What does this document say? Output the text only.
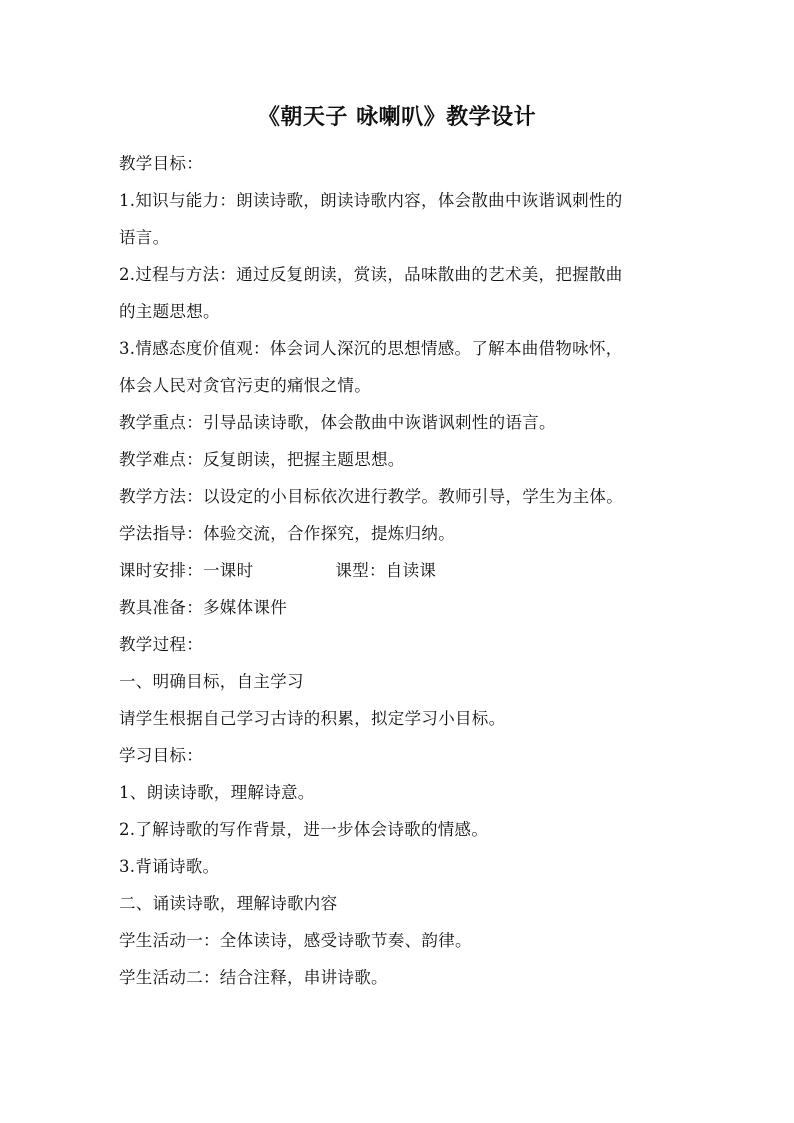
《朝天子 咏喇叭》教学设计
教学目标：
1.知识与能力：朗读诗歌，朗读诗歌内容，体会散曲中诙谐讽刺性的
语言。
2.过程与方法：通过反复朗读，赏读，品味散曲的艺术美，把握散曲
的主题思想。
3.情感态度价值观：体会词人深沉的思想情感。了解本曲借物咏怀，
体会人民对贪官污吏的痛恨之情。
教学重点：引导品读诗歌，体会散曲中诙谐讽刺性的语言。
教学难点：反复朗读，把握主题思想。
教学方法：以设定的小目标依次进行教学。教师引导，学生为主体。
学法指导：体验交流，合作探究，提炼归纳。
课时安排：一课时	课型：自读课
教具准备：多媒体课件
教学过程：
一、明确目标，自主学习
请学生根据自己学习古诗的积累，拟定学习小目标。
学习目标：
1、朗读诗歌，理解诗意。
2.了解诗歌的写作背景，进一步体会诗歌的情感。
3.背诵诗歌。
二、诵读诗歌，理解诗歌内容
学生活动一：全体读诗，感受诗歌节奏、韵律。
学生活动二：结合注释，串讲诗歌。
